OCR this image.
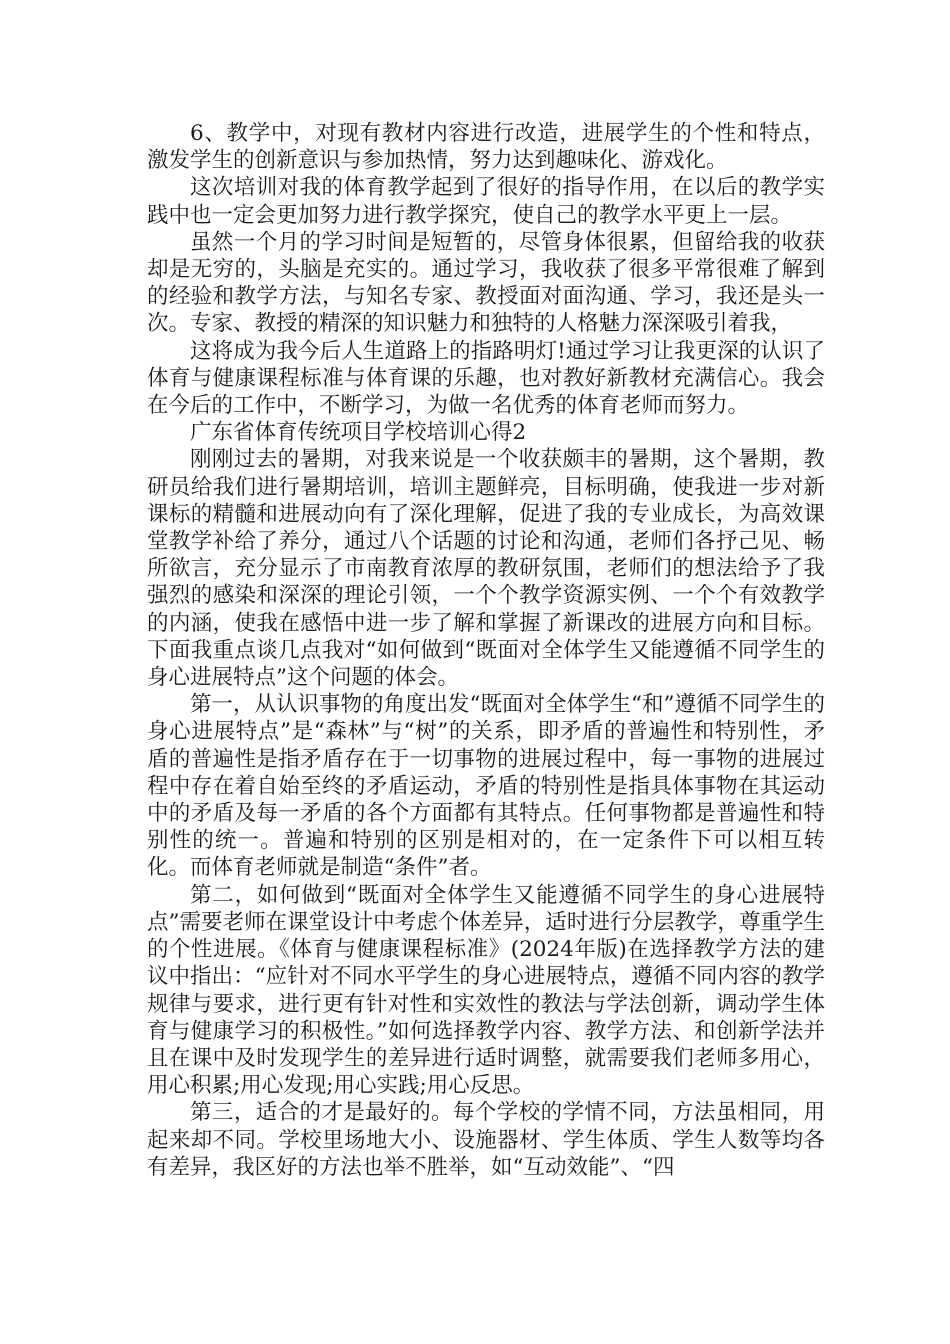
6、教学中，对现有教材内容进行改造，进展学生的个性和特点，激发学生的创新意识与参加热情，努力达到趣味化、游戏化。

这次培训对我的体育教学起到了很好的指导作用，在以后的教学实践中也一定会更加努力进行教学探究，使自己的教学水平更上一层。

虽然一个月的学习时间是短暂的，尽管身体很累，但留给我的收获却是无穷的，头脑是充实的。通过学习，我收获了很多平常很难了解到的经验和教学方法，与知名专家、教授面对面沟通、学习，我还是头一次。专家、教授的精深的知识魅力和独特的人格魅力深深吸引着我，

这将成为我今后人生道路上的指路明灯!通过学习让我更深的认识了体育与健康课程标准与体育课的乐趣，也对教好新教材充满信心。我会在今后的工作中，不断学习，为做一名优秀的体育老师而努力。

广东省体育传统项目学校培训心得2

刚刚过去的暑期，对我来说是一个收获颇丰的暑期，这个暑期，教研员给我们进行暑期培训，培训主题鲜亮，目标明确，使我进一步对新课标的精髓和进展动向有了深化理解，促进了我的专业成长，为高效课堂教学补给了养分，通过八个话题的讨论和沟通，老师们各抒己见、畅所欲言，充分显示了市南教育浓厚的教研氛围，老师们的想法给予了我强烈的感染和深深的理论引领，一个个教学资源实例、一个个有效教学的内涵，使我在感悟中进一步了解和掌握了新课改的进展方向和目标。下面我重点谈几点我对“如何做到“既面对全体学生又能遵循不同学生的身心进展特点”这个问题的体会。

第一，从认识事物的角度出发“既面对全体学生“和”遵循不同学生的身心进展特点”是“森林”与“树”的关系，即矛盾的普遍性和特别性，矛盾的普遍性是指矛盾存在于一切事物的进展过程中，每一事物的进展过程中存在着自始至终的矛盾运动，矛盾的特别性是指具体事物在其运动中的矛盾及每一矛盾的各个方面都有其特点。任何事物都是普遍性和特别性的统一。普遍和特别的区别是相对的，在一定条件下可以相互转化。而体育老师就是制造“条件”者。

第二，如何做到“既面对全体学生又能遵循不同学生的身心进展特点”需要老师在课堂设计中考虑个体差异，适时进行分层教学，尊重学生的个性进展。《体育与健康课程标准》(2024年版)在选择教学方法的建议中指出：“应针对不同水平学生的身心进展特点，遵循不同内容的教学规律与要求，进行更有针对性和实效性的教法与学法创新，调动学生体育与健康学习的积极性。”如何选择教学内容、教学方法、和创新学法并且在课中及时发现学生的差异进行适时调整，就需要我们老师多用心，用心积累;用心发现;用心实践;用心反思。

第三，适合的才是最好的。每个学校的学情不同，方法虽相同，用起来却不同。学校里场地大小、设施器材、学生体质、学生人数等均各有差异，我区好的方法也举不胜举，如“互动效能”、“四
